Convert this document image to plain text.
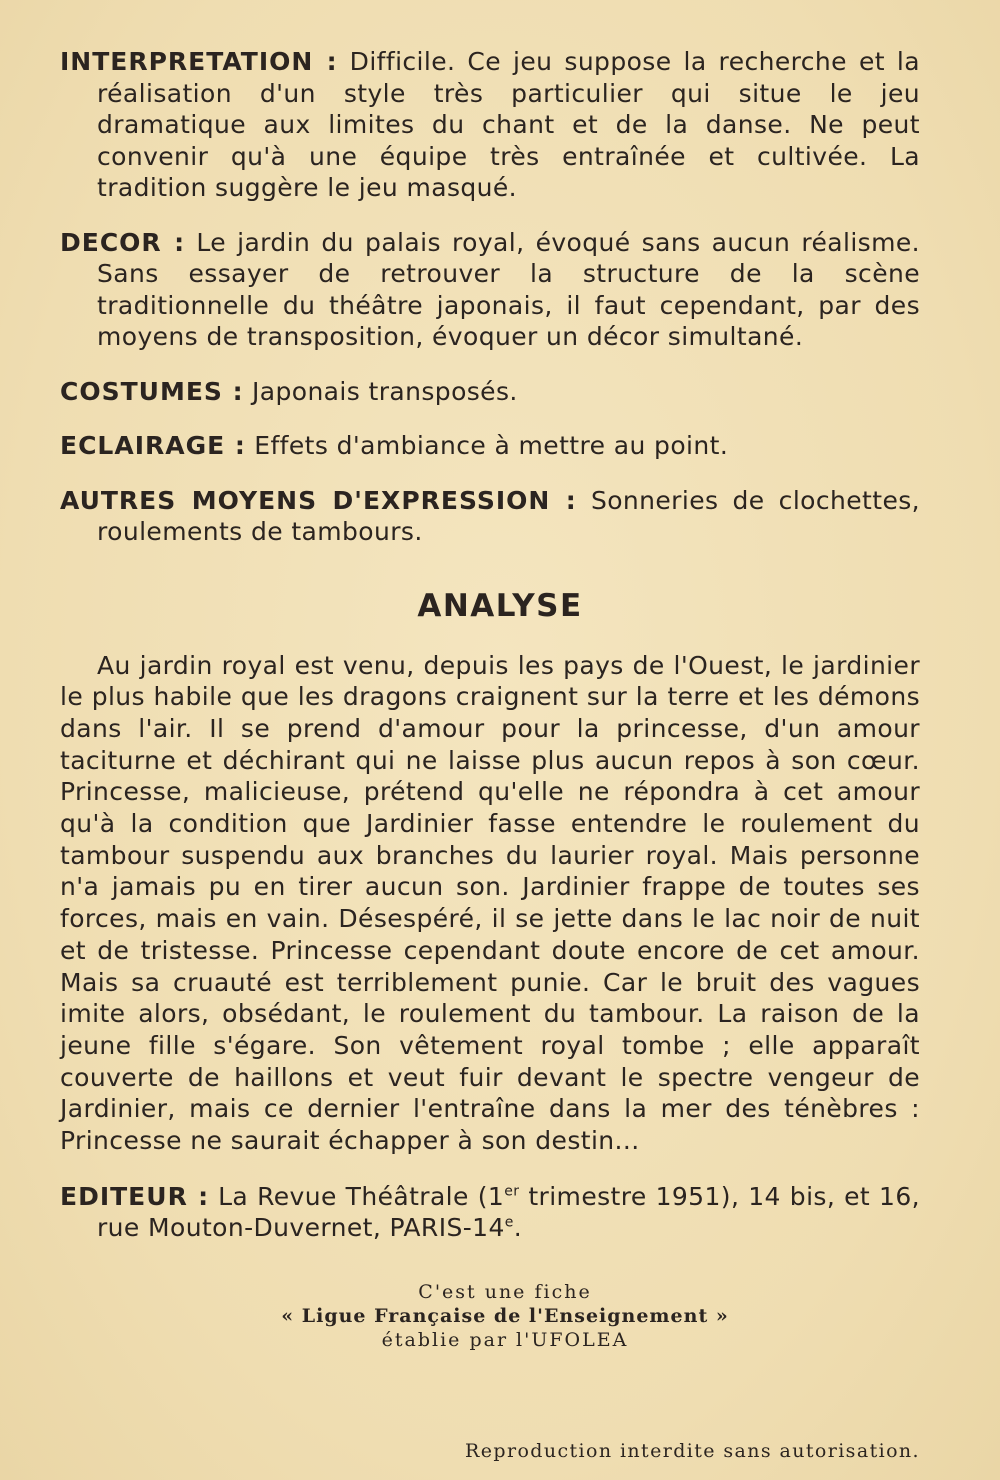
INTERPRETATION : Difficile. Ce jeu suppose la recherche et la réalisation d'un style très particulier qui situe le jeu dramatique aux limites du chant et de la danse. Ne peut convenir qu'à une équipe très entraînée et cultivée. La tradition suggère le jeu masqué.

DECOR : Le jardin du palais royal, évoqué sans aucun réalisme. Sans essayer de retrouver la structure de la scène traditionnelle du théâtre japonais, il faut cependant, par des moyens de transposition, évoquer un décor simultané.

COSTUMES : Japonais transposés.

ECLAIRAGE : Effets d'ambiance à mettre au point.

AUTRES MOYENS D'EXPRESSION : Sonneries de clochettes, roulements de tambours.

ANALYSE

Au jardin royal est venu, depuis les pays de l'Ouest, le jardinier le plus habile que les dragons craignent sur la terre et les démons dans l'air. Il se prend d'amour pour la princesse, d'un amour taciturne et déchirant qui ne laisse plus aucun repos à son cœur. Princesse, malicieuse, prétend qu'elle ne répondra à cet amour qu'à la condition que Jardinier fasse entendre le roulement du tambour suspendu aux branches du laurier royal. Mais personne n'a jamais pu en tirer aucun son. Jardinier frappe de toutes ses forces, mais en vain. Désespéré, il se jette dans le lac noir de nuit et de tristesse. Princesse cependant doute encore de cet amour. Mais sa cruauté est terriblement punie. Car le bruit des vagues imite alors, obsédant, le roulement du tambour. La raison de la jeune fille s'égare. Son vêtement royal tombe ; elle apparaît couverte de haillons et veut fuir devant le spectre vengeur de Jardinier, mais ce dernier l'entraîne dans la mer des ténèbres : Princesse ne saurait échapper à son destin...

EDITEUR : La Revue Théâtrale (1er trimestre 1951), 14 bis, et 16, rue Mouton-Duvernet, PARIS-14e.

C'est une fiche
« Ligue Française de l'Enseignement »
établie par l'UFOLEA
Reproduction interdite sans autorisation.
